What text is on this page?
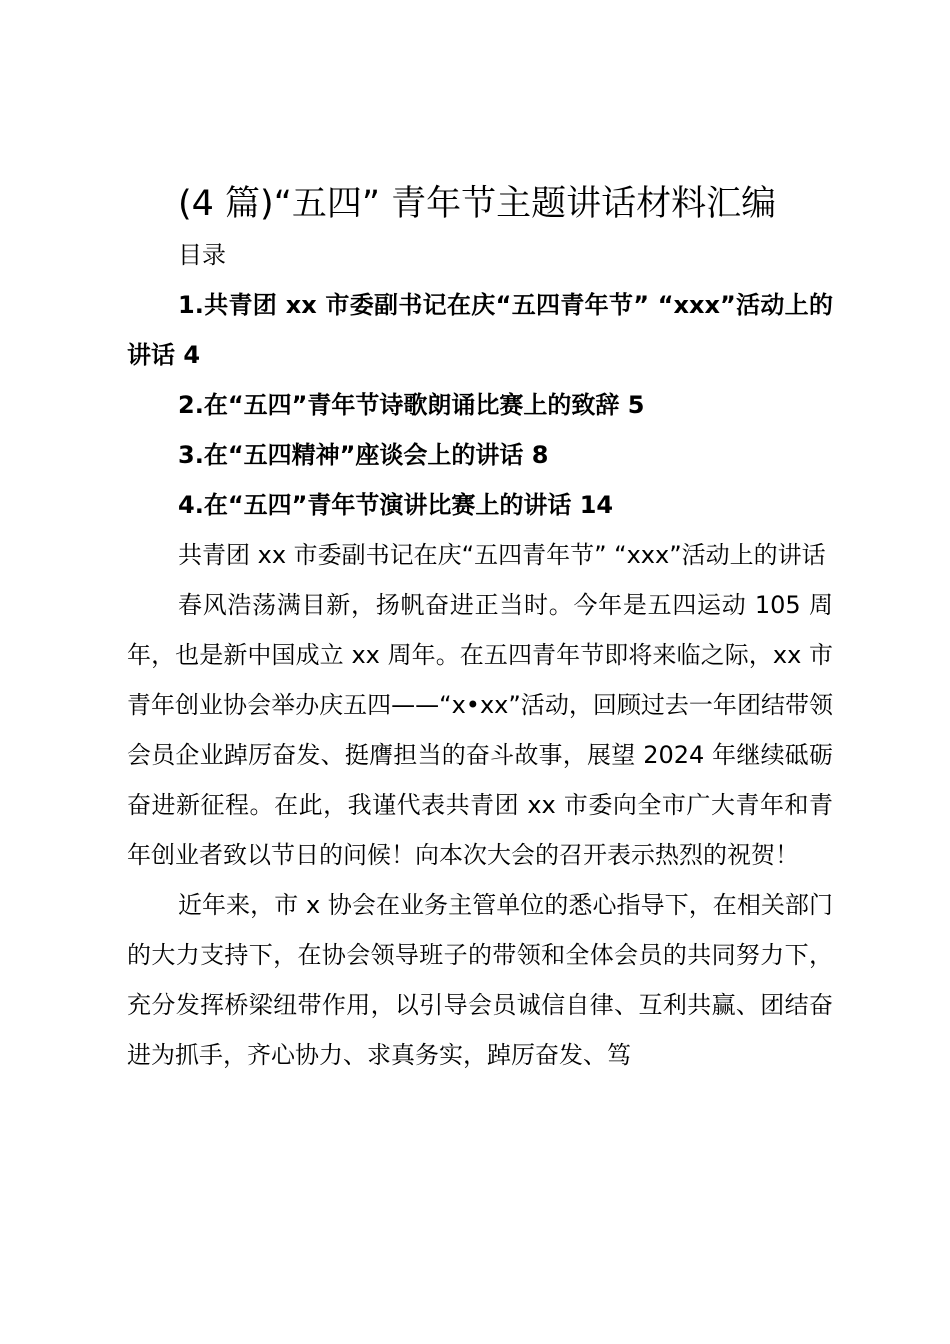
(4 篇)“五四” 青年节主题讲话材料汇编
目录

1.共青团 xx 市委副书记在庆“五四青年节” “xxx”活动上的讲话 4

2.在“五四”青年节诗歌朗诵比赛上的致辞 5

3.在“五四精神”座谈会上的讲话 8

4.在“五四”青年节演讲比赛上的讲话 14

共青团 xx 市委副书记在庆“五四青年节” “xxx”活动上的讲话

春风浩荡满目新，扬帆奋进正当时。今年是五四运动 105 周年，也是新中国成立 xx 周年。在五四青年节即将来临之际，xx 市青年创业协会举办庆五四——“x•xx”活动，回顾过去一年团结带领会员企业踔厉奋发、挺膺担当的奋斗故事，展望 2024 年继续砥砺奋进新征程。在此，我谨代表共青团 xx 市委向全市广大青年和青年创业者致以节日的问候！向本次大会的召开表示热烈的祝贺！

近年来，市 x 协会在业务主管单位的悉心指导下，在相关部门的大力支持下，在协会领导班子的带领和全体会员的共同努力下，充分发挥桥梁纽带作用，以引导会员诚信自律、互利共赢、团结奋进为抓手，齐心协力、求真务实，踔厉奋发、笃
